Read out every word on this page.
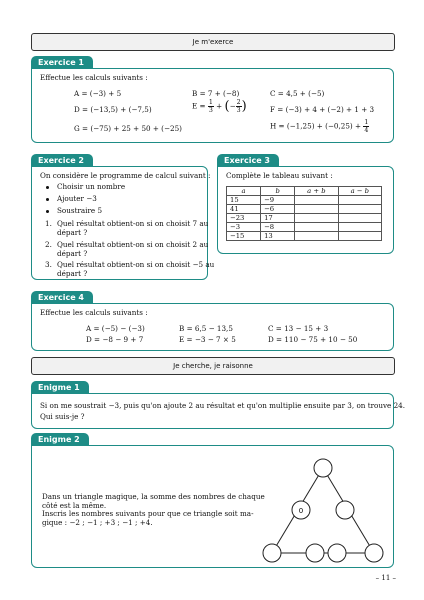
Je m'exerce
Exercice 1
Effectue les calculs suivants :
A = (−3) + 5	B = 7 + (−8)	C = 4,5 + (−5)
D = (−13,5) + (−7,5)	$E = \frac{1}{3}$ + (− $\frac{2}{3}$ )	F = (−3) + 4 + (−2) + 1 + 3
G = (−75) + 25 + 50 + (−25)	$H = (-1,25) + (-0,25) + \frac{1}{4}$
Exercice 2
On considère le programme de calcul suivant :
Choisir un nombre
Ajouter −3
Soustraire 5
1. Quel résultat obtient-on si on choisit 7 au
départ ?
2. Quel résultat obtient-on si on choisit 2 au
départ ?
3. Quel résultat obtient-on si on choisit −5 au
départ ?
Exercice 3
Complète le tableau suivant :
a	b	a + b	a − b
15	−9		
41	−6		
−23	17		
−3	−8		
−15	13		
Exercice 4
Effectue les calculs suivants :
A = (−5) − (−3)	B = 6,5 − 13,5	C = 13 − 15 + 3
D = −8 − 9 + 7	E = −3 − 7 × 5	D = 110 − 75 + 10 − 50
Je cherche, je raisonne
Enigme 1
Si on me soustrait −3, puis qu'on ajoute 2 au résultat et qu'on multiplie ensuite par 3, on trouve 24.
Qui suis-je ?
Enigme 2
Dans un triangle magique, la somme des nombres de chaque
côté est la même.
Inscris les nombres suivants pour que ce triangle soit ma-
gique : −2 ; −1 ; +3 ; −1 ; +4.
0
– 11 –
